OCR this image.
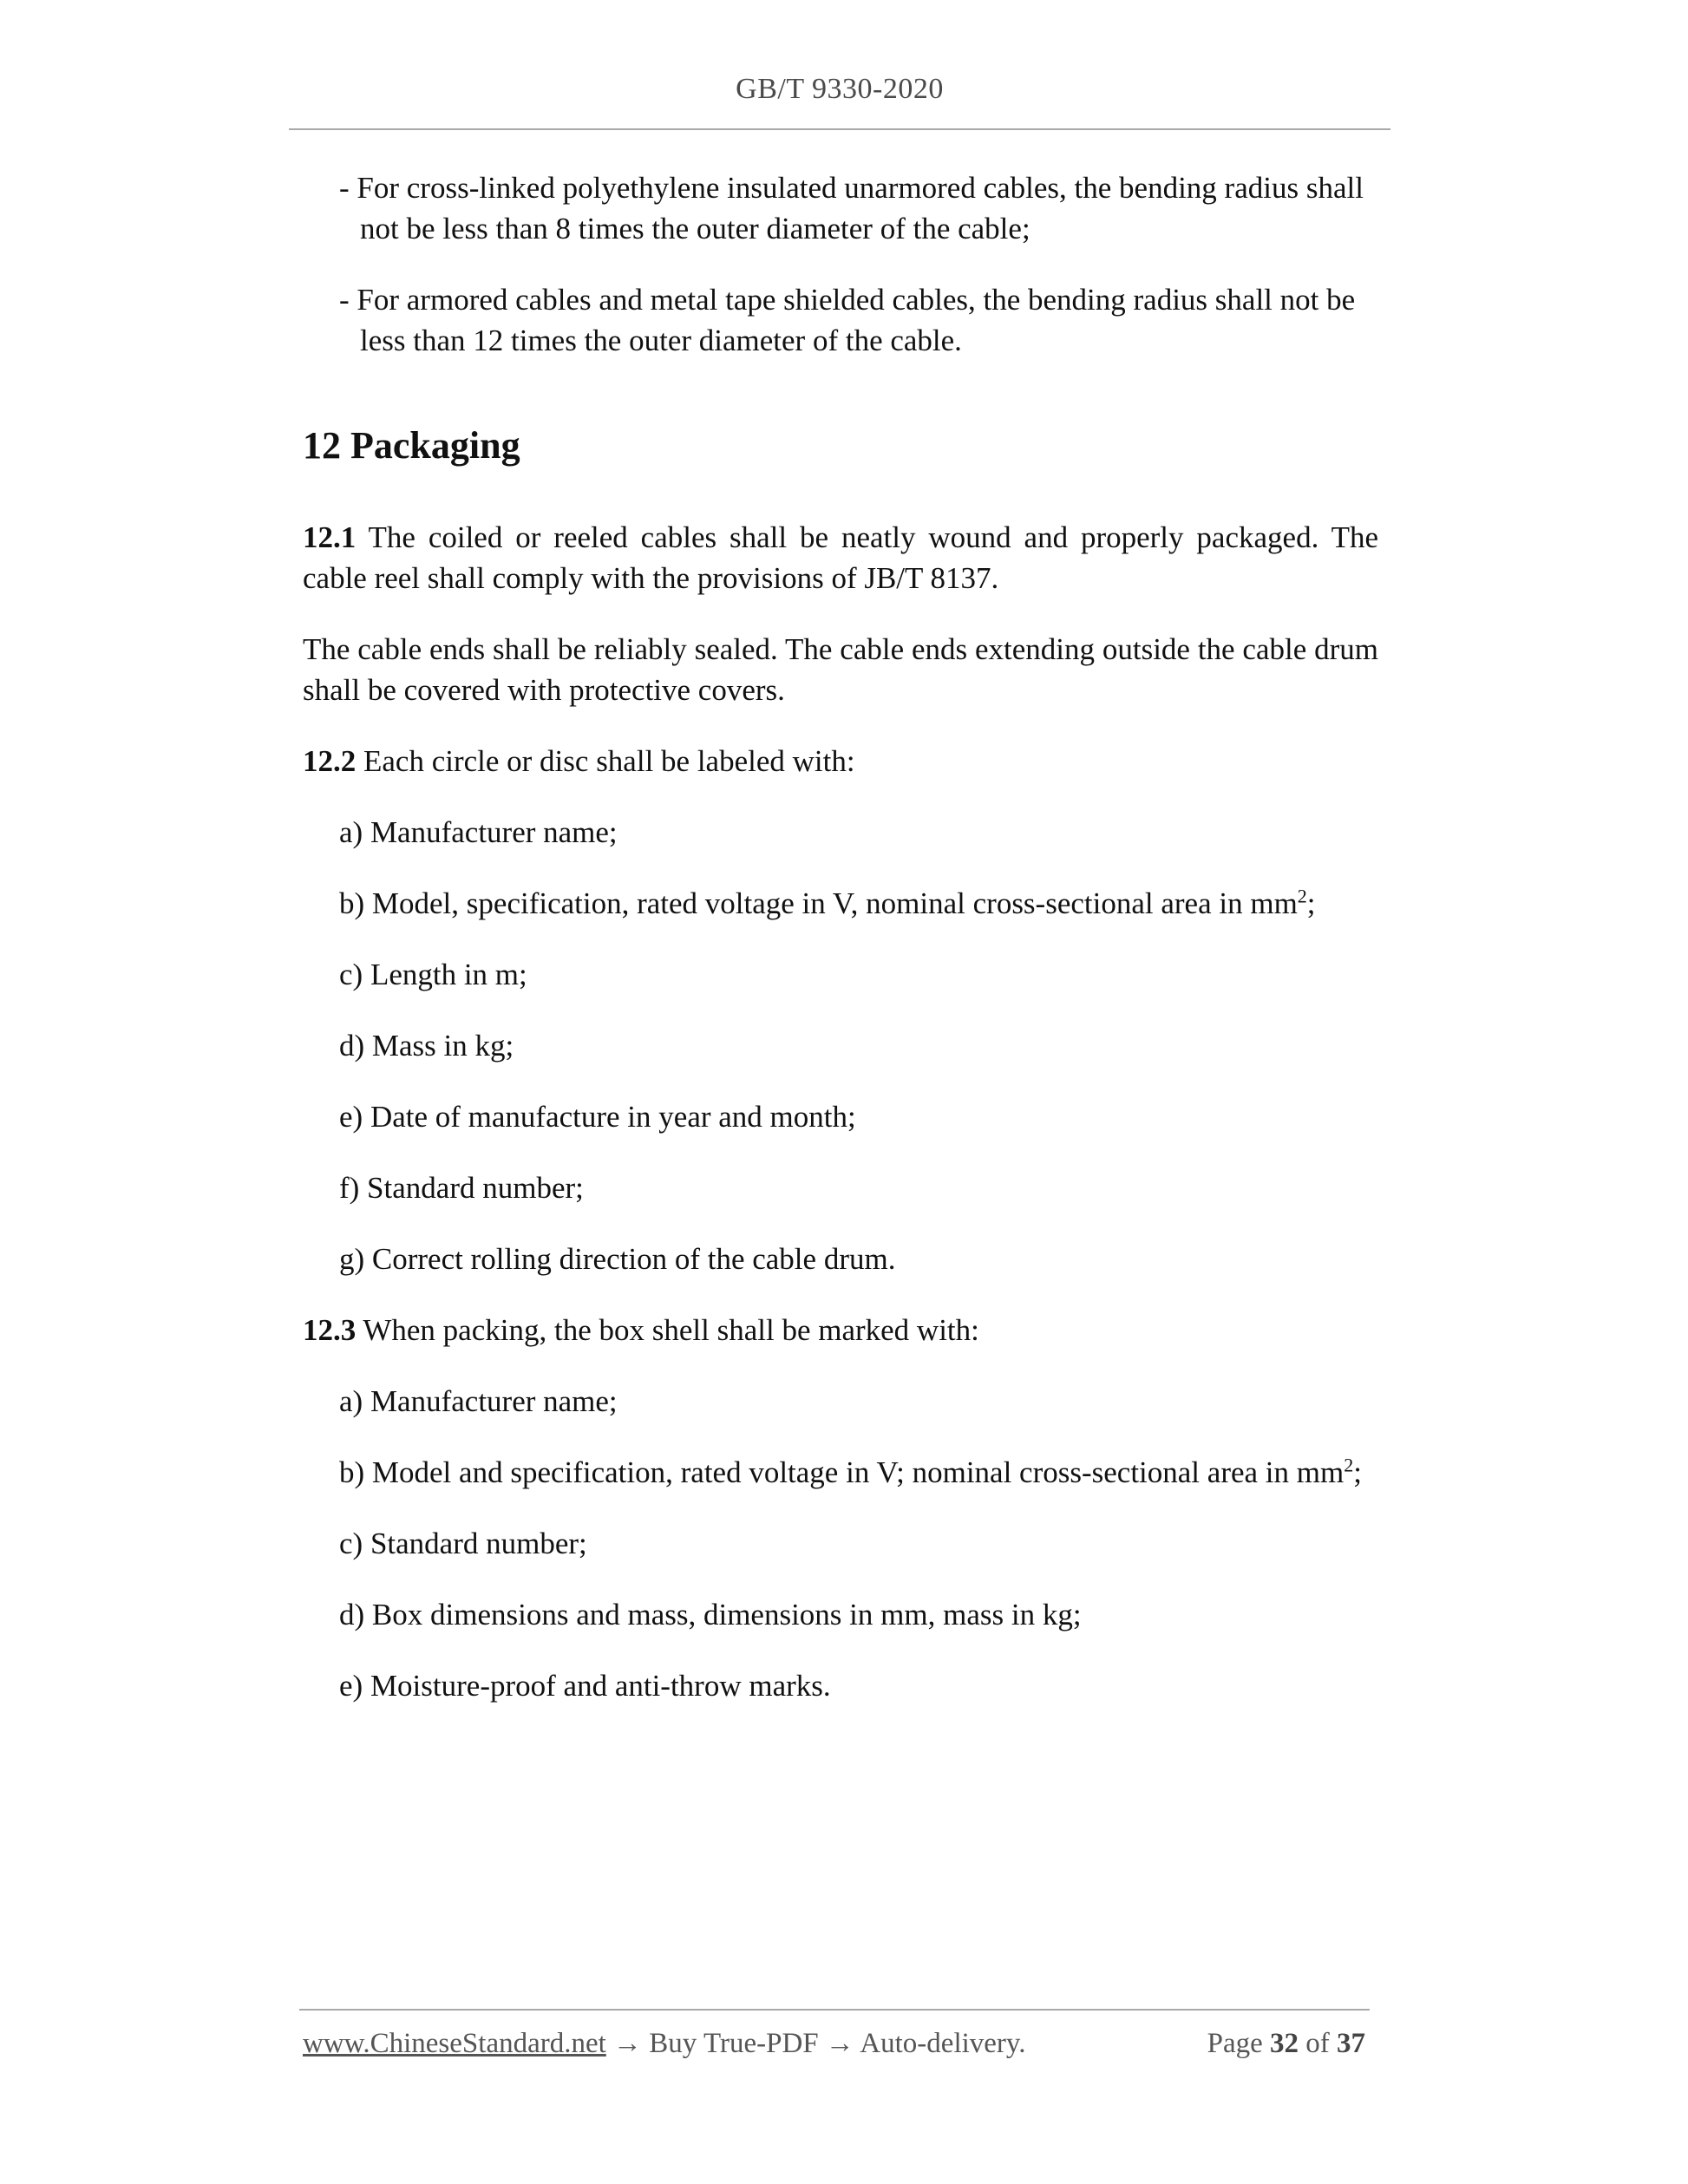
GB/T 9330-2020

- For cross-linked polyethylene insulated unarmored cables, the bending radius shall
not be less than 8 times the outer diameter of the cable;

- For armored cables and metal tape shielded cables, the bending radius shall not be
less than 12 times the outer diameter of the cable.

12 Packaging

12.1 The coiled or reeled cables shall be neatly wound and properly packaged. The cable reel shall comply with the provisions of JB/T 8137.

The cable ends shall be reliably sealed. The cable ends extending outside the cable drum shall be covered with protective covers.

12.2 Each circle or disc shall be labeled with:

a) Manufacturer name;

b) Model, specification, rated voltage in V, nominal cross-sectional area in $mm^2$;

c) Length in m;

d) Mass in kg;

e) Date of manufacture in year and month;

f) Standard number;

g) Correct rolling direction of the cable drum.

12.3 When packing, the box shell shall be marked with:

a) Manufacturer name;

b) Model and specification, rated voltage in V; nominal cross-sectional area in $mm^2$;

c) Standard number;

d) Box dimensions and mass, dimensions in mm, mass in kg;

e) Moisture-proof and anti-throw marks.

www.ChineseStandard.net → Buy True-PDF → Auto-delivery.	Page 32 of 37
